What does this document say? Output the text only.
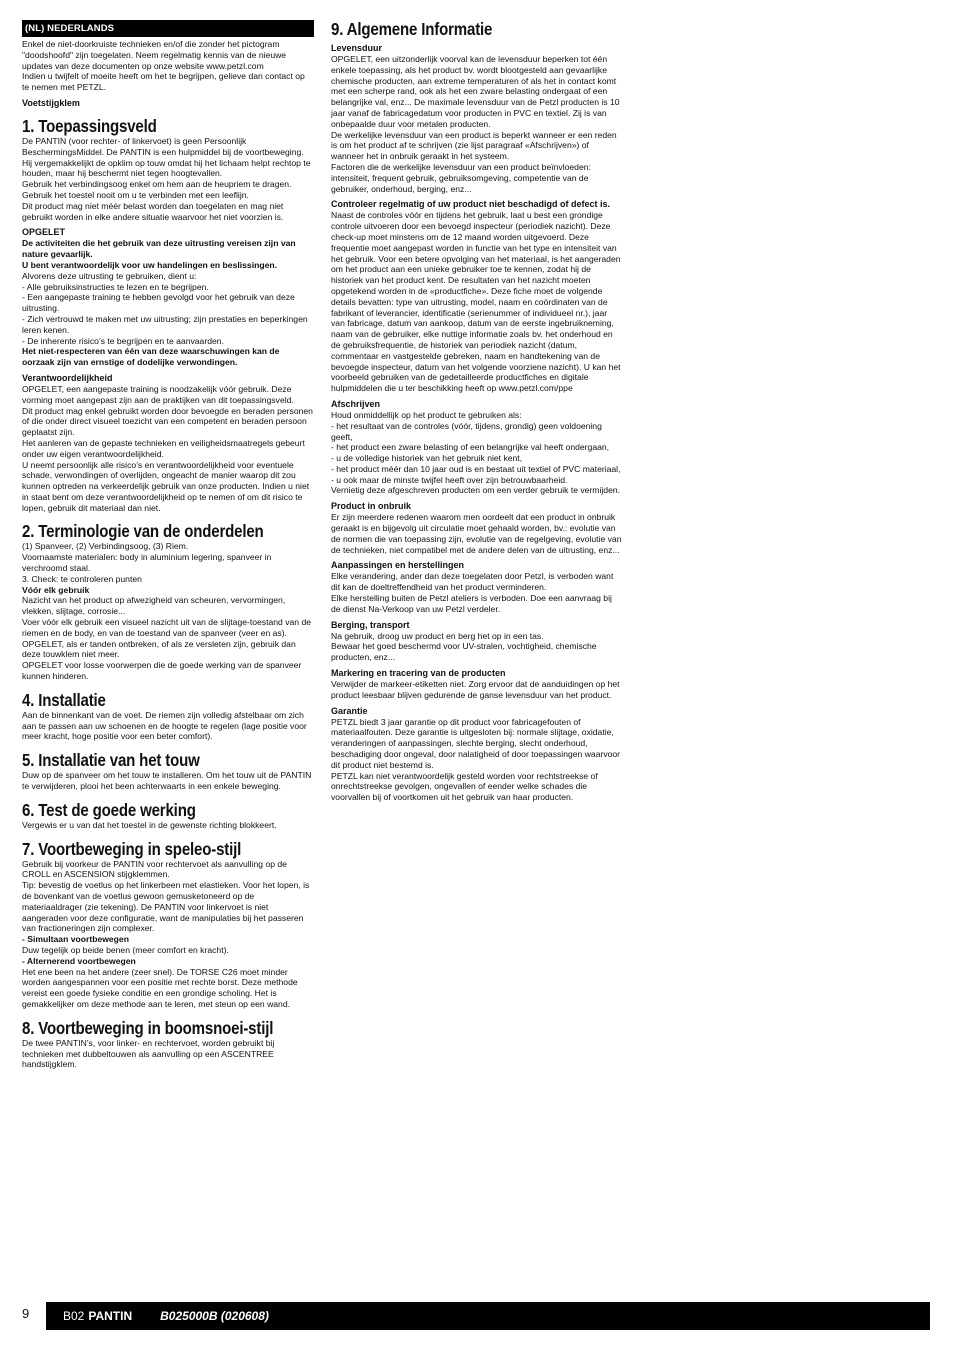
(NL) NEDERLANDS

Enkel de niet-doorkruiste technieken en/of die zonder het pictogram "doodshoofd" zijn toegelaten. Neem regelmatig kennis van de nieuwe updates van deze documenten op onze website www.petzl.com

Indien u twijfelt of moeite heeft om het te begrijpen, gelieve dan contact op te nemen met PETZL.

Voetstijgklem
1. Toepassingsveld

De PANTIN (voor rechter- of linkervoet) is geen Persoonlijk BeschermingsMiddel. De PANTIN is een hulpmiddel bij de voortbeweging.

Hij vergemakkelijkt de opklim op touw omdat hij het lichaam helpt rechtop te houden, maar hij beschermt niet tegen hoogtevallen.

Gebruik het verbindingsoog enkel om hem aan de heupriem te dragen.

Gebruik het toestel nooit om u te verbinden met een leeflijn.

Dit product mag niet méér belast worden dan toegelaten en mag niet gebruikt worden in elke andere situatie waarvoor het niet voorzien is.

OPGELET

De activiteiten die het gebruik van deze uitrusting vereisen zijn van nature gevaarlijk.

U bent verantwoordelijk voor uw handelingen en beslissingen.

Alvorens deze uitrusting te gebruiken, dient u:

- Alle gebruiksinstructies te lezen en te begrijpen.

- Een aangepaste training te hebben gevolgd voor het gebruik van deze uitrusting.

- Zich vertrouwd te maken met uw uitrusting; zijn prestaties en beperkingen leren kenen.

- De inherente risico’s te begrijpen en te aanvaarden.

Het niet-respecteren van één van deze waarschuwingen kan de oorzaak zijn van ernstige of dodelijke verwondingen.

Verantwoordelijkheid

OPGELET, een aangepaste training is noodzakelijk vóór gebruik. Deze vorming moet aangepast zijn aan de praktijken van dit toepassingsveld.

Dit product mag enkel gebruikt worden door bevoegde en beraden personen of die onder direct visueel toezicht van een competent en beraden persoon geplaatst zijn.

Het aanleren van de gepaste technieken en veiligheidsmaatregels gebeurt onder uw eigen verantwoordelijkheid.

U neemt persoonlijk alle risico’s en verantwoordelijkheid voor eventuele schade, verwondingen of overlijden, ongeacht de manier waarop dit zou kunnen optreden na verkeerdelijk gebruik van onze producten. Indien u niet in staat bent om deze verantwoordelijkheid op te nemen of om dit risico te lopen, gebruik dit materiaal dan niet.

2. Terminologie van de onderdelen

(1) Spanveer, (2) Verbindingsoog, (3) Riem.

Voornaamste materialen: body in aluminium legering, spanveer in verchroomd staal.

3. Check: te controleren punten

Vóór elk gebruik

Nazicht van het product op afwezigheid van scheuren, vervormingen, vlekken, slijtage, corrosie...

Voer vóór elk gebruik een visueel nazicht uit van de slijtage-toestand van de riemen en de body, en van de toestand van de spanveer (veer en as).

OPGELET, als er tanden ontbreken, of als ze versleten zijn, gebruik dan deze touwklem niet meer.

OPGELET voor losse voorwerpen die de goede werking van de spanveer kunnen hinderen.

4. Installatie

Aan de binnenkant van de voet. De riemen zijn volledig afstelbaar om zich aan te passen aan uw schoenen en de hoogte te regelen (lage positie voor meer kracht, hoge positie voor een beter comfort).

5. Installatie van het touw

Duw op de spanveer om het touw te installeren. Om het touw uit de PANTIN te verwijderen, plooi het been achterwaarts in een enkele beweging.

6. Test de goede werking

Vergewis er u van dat het toestel in de gewenste richting blokkeert.

7. Voortbeweging in speleo-stijl

Gebruik bij voorkeur de PANTIN voor rechtervoet als aanvulling op de CROLL en ASCENSION stijgklemmen.

Tip: bevestig de voetlus op het linkerbeen met elastieken. Voor het lopen, is de bovenkant van de voetlus gewoon gemusketoneerd op de materiaaldrager (zie tekening). De PANTIN voor linkervoet is niet aangeraden voor deze configuratie, want de manipulaties bij het passeren van fractioneringen zijn complexer.

- Simultaan voortbewegen

Duw tegelijk op beide benen (meer comfort en kracht).

- Alternerend voortbewegen

Het ene been na het andere (zeer snel). De TORSE C26 moet minder worden aangespannen voor een positie met rechte borst. Deze methode vereist een goede fysieke conditie en een grondige scholing. Het is gemakkelijker om deze methode aan te leren, met steun op een wand.

8. Voortbeweging in boomsnoei-stijl

De twee PANTIN’s, voor linker- en rechtervoet, worden gebruikt bij technieken met dubbeltouwen als aanvulling op een ASCENTREE handstijgklem.

9. Algemene Informatie
Levensduur

OPGELET, een uitzonderlijk voorval kan de levensduur beperken tot één enkele toepassing, als het product bv. wordt blootgesteld aan gevaarlijke chemische producten, aan extreme temperaturen of als het in contact komt met een scherpe rand, ook als het een zware belasting ondergaat of een belangrijke val, enz... De maximale levensduur van de Petzl producten is 10 jaar vanaf de fabricagedatum voor producten in PVC en textiel. Zij is van onbepaalde duur voor metalen producten.

De werkelijke levensduur van een product is beperkt wanneer er een reden is om het product af te schrijven (zie lijst paragraaf «Afschrijven») of wanneer het in onbruik geraakt in het systeem.

Factoren die de werkelijke levensduur van een product beïnvloeden: intensiteit, frequent gebruik, gebruiksomgeving, competentie van de gebruiker, onderhoud, berging, enz...

Controleer regelmatig of uw product niet beschadigd of defect is.

Naast de controles vóór en tijdens het gebruik, laat u best een grondige controle uitvoeren door een bevoegd inspecteur (periodiek nazicht). Deze check-up moet minstens om de 12 maand worden uitgevoerd. Deze frequentie moet aangepast worden in functie van het type en intensiteit van het gebruik. Voor een betere opvolging van het materiaal, is het aangeraden om het product aan een unieke gebruiker toe te kennen, zodat hij de historiek van het product kent. De resultaten van het nazicht moeten opgetekend worden in de «productfiche». Deze fiche moet de volgende details bevatten: type van uitrusting, model, naam en coördinaten van de fabrikant of leverancier, identificatie (serienummer of individueel nr.), jaar van fabricage, datum van aankoop, datum van de eerste ingebruikneming, naam van de gebruiker, elke nuttige informatie zoals bv. het onderhoud en de gebruiksfrequentie, de historiek van periodiek nazicht (datum, commentaar en vastgestelde gebreken, naam en handtekening van de bevoegde inspecteur, datum van het volgende voorziene nazicht). U kan het voorbeeld gebruiken van de gedetailleerde productfiches en digitale hulpmiddelen die u ter beschikking heeft op www.petzl.com/ppe

Afschrijven

Houd onmiddellijk op het product te gebruiken als:

- het resultaat van de controles (vóór, tijdens, grondig) geen voldoening geeft,

- het product een zware belasting of een belangrijke val heeft ondergaan,

- u de volledige historiek van het gebruik niet kent,

- het product méér dan 10 jaar oud is en bestaat uit textiel of PVC materiaal,

- u ook maar de minste twijfel heeft over zijn betrouwbaarheid.

Vernietig deze afgeschreven producten om een verder gebruik te vermijden.

Product in onbruik

Er zijn meerdere redenen waarom men oordeelt dat een product in onbruik geraakt is en bijgevolg uit circulatie moet gehaald worden, bv.: evolutie van de normen die van toepassing zijn, evolutie van de regelgeving, evolutie van de technieken, niet compatibel met de andere delen van de uitrusting, enz...

Aanpassingen en herstellingen

Elke verandering, ander dan deze toegelaten door Petzl, is verboden want dit kan de doeltreffendheid van het product verminderen.

Elke herstelling buiten de Petzl ateliers is verboden. Doe een aanvraag bij de dienst Na-Verkoop van uw Petzl verdeler.

Berging, transport

Na gebruik, droog uw product en berg het op in een tas.

Bewaar het goed beschermd voor UV-stralen, vochtigheid, chemische producten, enz...

Markering en tracering van de producten

Verwijder de markeer-etiketten niet. Zorg ervoor dat de aanduidingen op het product leesbaar blijven gedurende de ganse levensduur van het product.

Garantie

PETZL biedt 3 jaar garantie op dit product voor fabricagefouten of materiaalfouten. Deze garantie is uitgesloten bij: normale slijtage, oxidatie, veranderingen of aanpassingen, slechte berging, slecht onderhoud, beschadiging door ongeval, door nalatigheid of door toepassingen waarvoor dit product niet bestemd is.

PETZL kan niet verantwoordelijk gesteld worden voor rechtstreekse of onrechtstreekse gevolgen, ongevallen of eender welke schades die voorvallen bij of voortkomen uit het gebruik van haar producten.

9	B02 PANTIN B025000B (020608)
